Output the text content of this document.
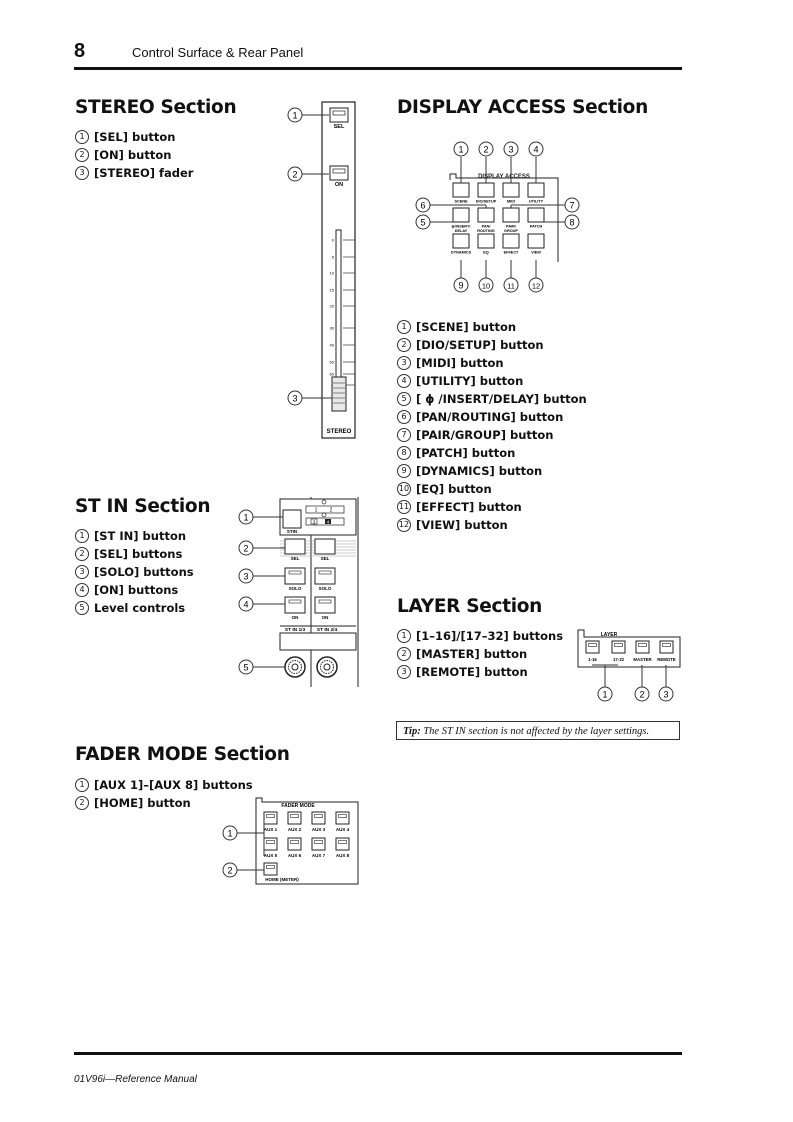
8	Control Surface & Rear Panel
STEREO Section
1 [SEL] button
2 [ON] button
3 [STEREO] fader
1
2
3
SEL
ON
0
5
10
15
20
30
40
50
60
STEREO
ST IN Section
1 [ST IN] button
2 [SEL] buttons
3 [SOLO] buttons
4 [ON] buttons
5 Level controls
STIN
1 2
3	4
SEL	SEL
SOLO	SOLO
ON	ON
ST IN 1/3 ST IN 2/4
1
2
3
4
5
FADER MODE Section
1 [AUX 1]–[AUX 8] buttons
2 [HOME] button	FADER MODE
AUX 1 AUX 2 AUX 3 AUX 4
AUX 5 AUX 6 AUX 7 AUX 8
HOME (METER)
1
2
DISPLAY ACCESS Section
DISPLAY ACCESS
SCENE DIO/SETUP	MIDI	UTILITY
ϕ/INSERT/
DELAY
PAN/
ROUTING
PAIR/
GROUP
PATCH
DYNAMICS	EQ	EFFECT	VIEW
1 2 3 4
6
5
7
8
9 10 11 12
1 [SCENE] button
2 [DIO/SETUP] button
3 [MIDI] button
4 [UTILITY] button
5 [ ϕ /INSERT/DELAY] button
6 [PAN/ROUTING] button
7 [PAIR/GROUP] button
8 [PATCH] button
9 [DYNAMICS] button
10 [EQ] button
11 [EFFECT] button
12 [VIEW] button
LAYER Section
1 [1–16]/[17–32] buttons
2 [MASTER] button
3 [REMOTE] button
LAYER
1-16	17-32 MASTER REMOTE
1	2 3
Tip: The ST IN section is not affected by the layer settings.
01V96i—Reference Manual
